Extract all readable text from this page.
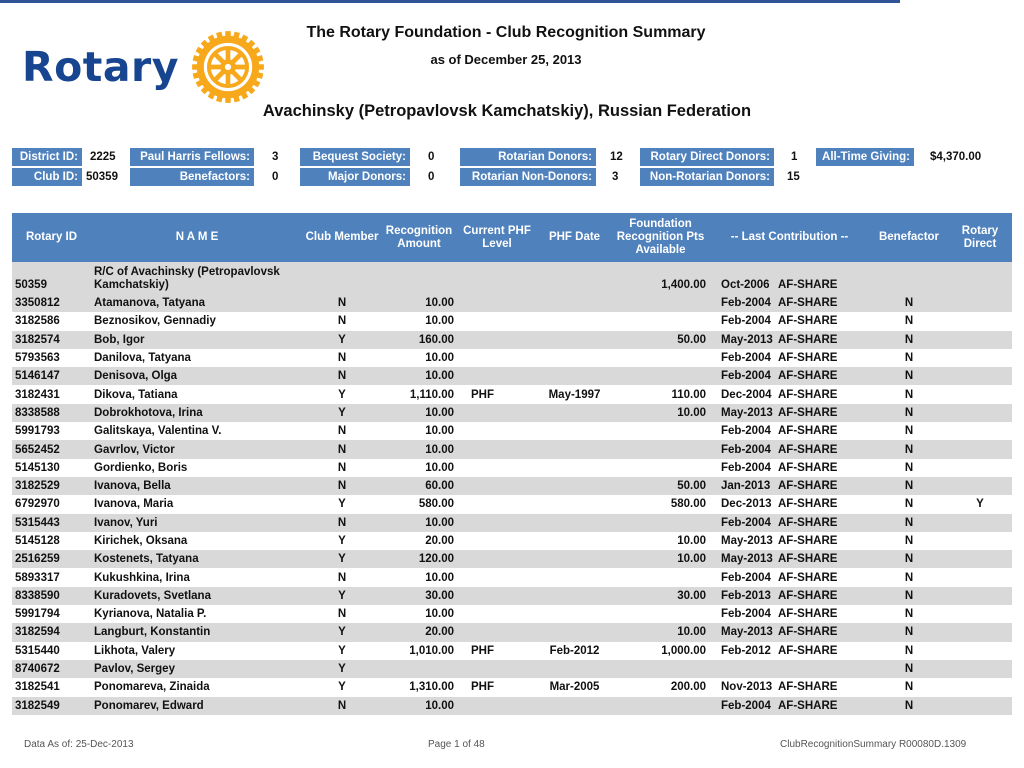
Rotary
The Rotary Foundation - Club Recognition Summary
as of December 25, 2013
Avachinsky (Petropavlovsk Kamchatskiy), Russian Federation
District ID:	2225
Club ID: 50359
Paul Harris Fellows:	3
Benefactors:	0
Bequest Society:	0
Major Donors:	0
Rotarian Donors:	12
Rotarian Non-Donors:	3
Rotary Direct Donors:	1
Non-Rotarian Donors:	15
All-Time Giving:	$4,370.00
Rotary ID	N A M E	Club Member	Recognition Amount	Current PHF Level	PHF Date	Foundation Recognition Pts Available	-- Last Contribution --		Benefactor	Rotary Direct
50359	R/C of Avachinsky (Petropavlovsk Kamchatskiy)					1,400.00	Oct-2006	AF-SHARE		
3350812	Atamanova, Tatyana	N	10.00				Feb-2004	AF-SHARE	N	
3182586	Beznosikov, Gennadiy	N	10.00				Feb-2004	AF-SHARE	N	
3182574	Bob, Igor	Y	160.00			50.00	May-2013	AF-SHARE	N	
5793563	Danilova, Tatyana	N	10.00				Feb-2004	AF-SHARE	N	
5146147	Denisova, Olga	N	10.00				Feb-2004	AF-SHARE	N	
3182431	Dikova, Tatiana	Y	1,110.00	PHF	May-1997	110.00	Dec-2004	AF-SHARE	N	
8338588	Dobrokhotova, Irina	Y	10.00			10.00	May-2013	AF-SHARE	N	
5991793	Galitskaya, Valentina V.	N	10.00				Feb-2004	AF-SHARE	N	
5652452	Gavrlov, Victor	N	10.00				Feb-2004	AF-SHARE	N	
5145130	Gordienko, Boris	N	10.00				Feb-2004	AF-SHARE	N	
3182529	Ivanova, Bella	N	60.00			50.00	Jan-2013	AF-SHARE	N	
6792970	Ivanova, Maria	Y	580.00			580.00	Dec-2013	AF-SHARE	N	Y
5315443	Ivanov, Yuri	N	10.00				Feb-2004	AF-SHARE	N	
5145128	Kirichek, Oksana	Y	20.00			10.00	May-2013	AF-SHARE	N	
2516259	Kostenets, Tatyana	Y	120.00			10.00	May-2013	AF-SHARE	N	
5893317	Kukushkina, Irina	N	10.00				Feb-2004	AF-SHARE	N	
8338590	Kuradovets, Svetlana	Y	30.00			30.00	Feb-2013	AF-SHARE	N	
5991794	Kyrianova, Natalia P.	N	10.00				Feb-2004	AF-SHARE	N	
3182594	Langburt, Konstantin	Y	20.00			10.00	May-2013	AF-SHARE	N	
5315440	Likhota, Valery	Y	1,010.00	PHF	Feb-2012	1,000.00	Feb-2012	AF-SHARE	N	
8740672	Pavlov, Sergey	Y							N	
3182541	Ponomareva, Zinaida	Y	1,310.00	PHF	Mar-2005	200.00	Nov-2013	AF-SHARE	N	
3182549	Ponomarev, Edward	N	10.00				Feb-2004	AF-SHARE	N	
Data As of: 25-Dec-2013	Page 1 of 48	ClubRecognitionSummary R00080D.1309
